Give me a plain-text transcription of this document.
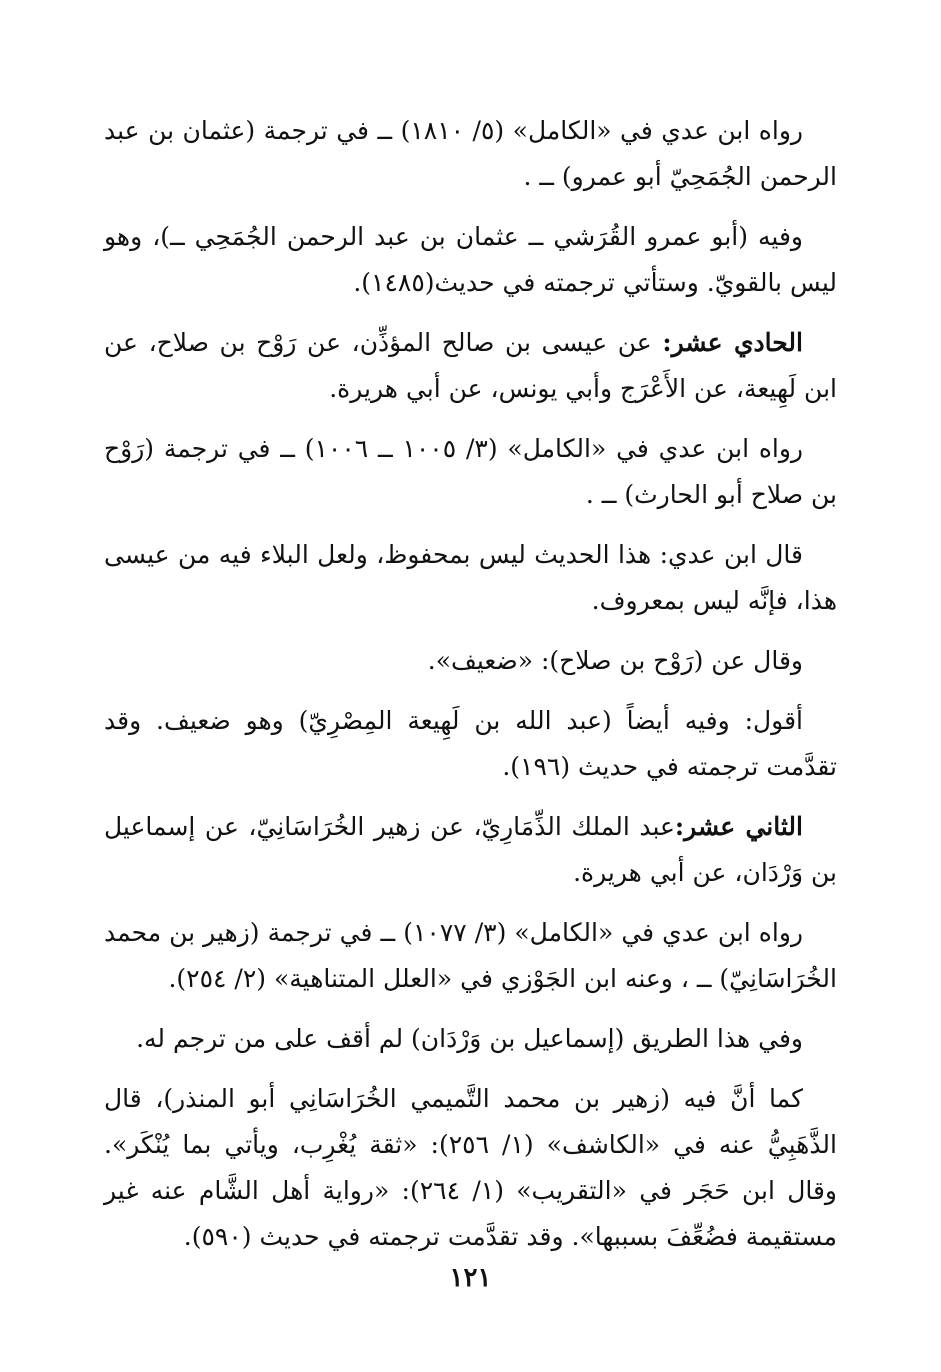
رواه ابن عدي في «الكامل» (٥/ ١٨١٠) ــ في ترجمة (عثمان بن عبد الرحمن الجُمَحِيّ أبو عمرو) ــ .

وفيه (أبو عمرو القُرَشي ــ عثمان بن عبد الرحمن الجُمَحِي ــ)، وهو ليس بالقويّ. وستأتي ترجمته في حديث(١٤٨٥).

الحادي عشر: عن عيسى بن صالح المؤذِّن، عن رَوْح بن صلاح، عن ابن لَهِيعة، عن الأَعْرَج وأبي يونس، عن أبي هريرة.

رواه ابن عدي في «الكامل» (٣/ ١٠٠٥ ــ ١٠٠٦) ــ في ترجمة (رَوْح بن صلاح أبو الحارث) ــ .

قال ابن عدي: هذا الحديث ليس بمحفوظ، ولعل البلاء فيه من عيسى هذا، فإنَّه ليس بمعروف.

وقال عن (رَوْح بن صلاح): «ضعيف».

أقول: وفيه أيضاً (عبد الله بن لَهِيعة المِصْرِيّ) وهو ضعيف. وقد تقدَّمت ترجمته في حديث (١٩٦).

الثاني عشر:عبد الملك الذِّمَارِيّ، عن زهير الخُرَاسَانِيّ، عن إسماعيل بن وَرْدَان، عن أبي هريرة.

رواه ابن عدي في «الكامل» (٣/ ١٠٧٧) ــ في ترجمة (زهير بن محمد الخُرَاسَانِيّ) ــ ، وعنه ابن الجَوْزي في «العلل المتناهية» (٢/ ٢٥٤).

وفي هذا الطريق (إسماعيل بن وَرْدَان) لم أقف على من ترجم له.

كما أنَّ فيه (زهير بن محمد التَّميمي الخُرَاسَانِي أبو المنذر)، قال الذَّهَبِيُّ عنه في «الكاشف» (١/ ٢٥٦): «ثقة يُغْرِب، ويأتي بما يُنْكَر». وقال ابن حَجَر في «التقريب» (١/ ٢٦٤): «رواية أهل الشَّام عنه غير مستقيمة فضُعِّفَ بسببها». وقد تقدَّمت ترجمته في حديث (٥٩٠).

١٢١
